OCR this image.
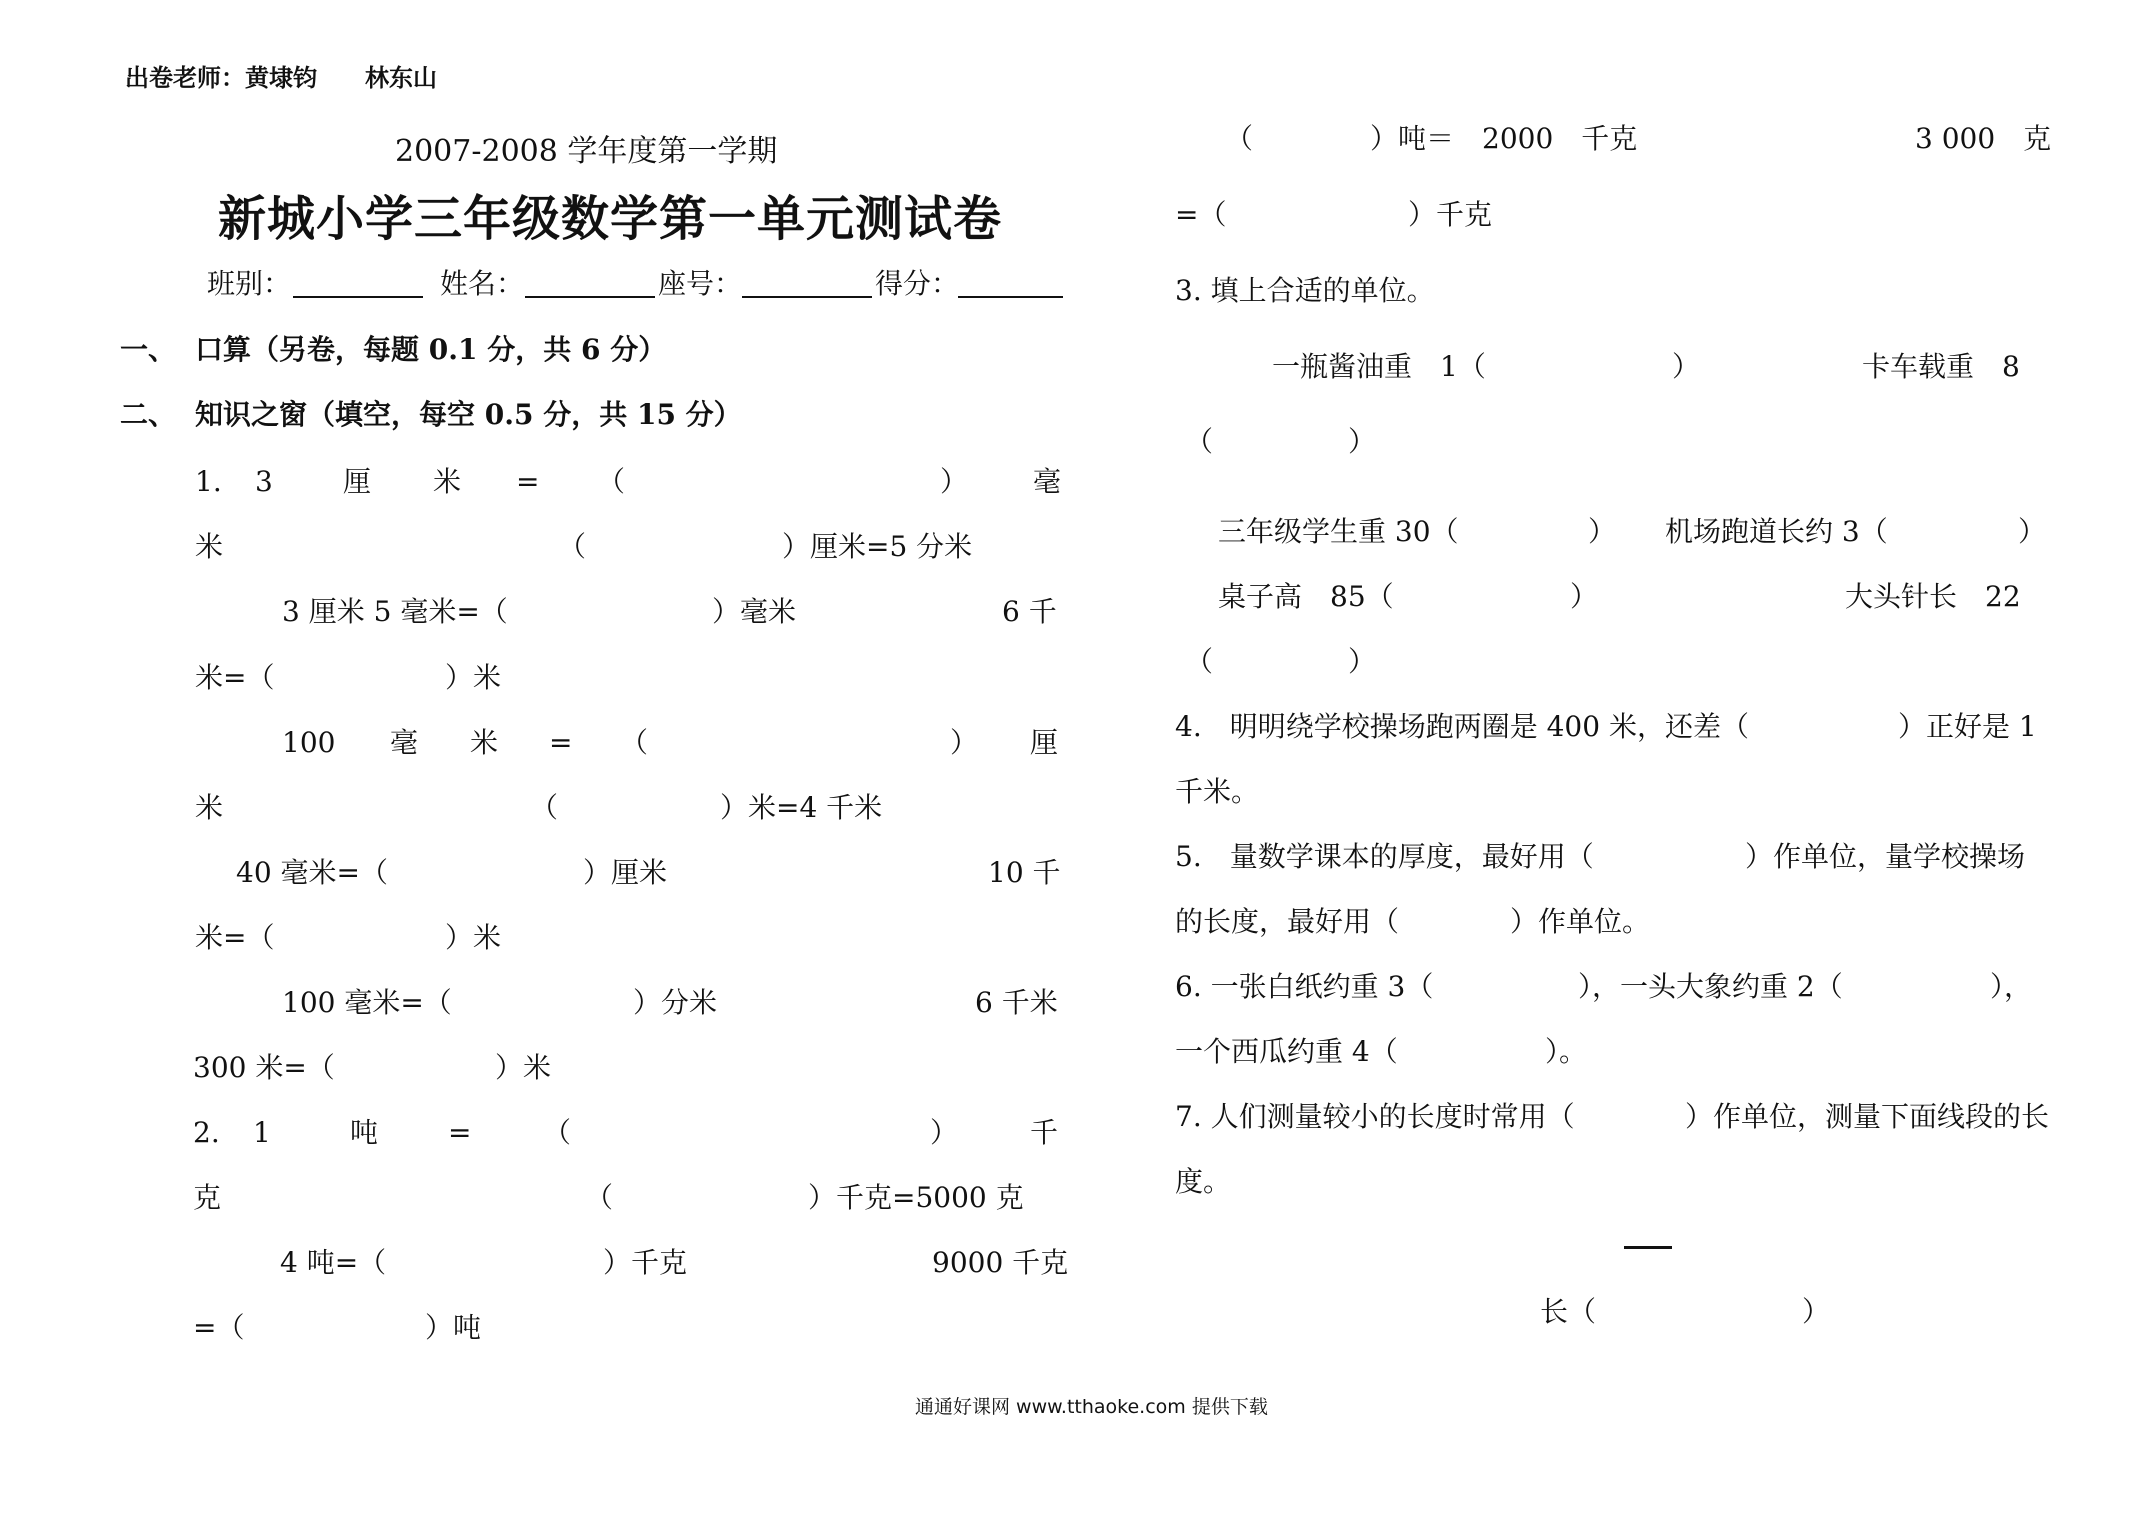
出卷老师：黄埭钧　　林东山
2007-2008 学年度第一学期
新城小学三年级数学第一单元测试卷
班别：	姓名：	座号：	得分：
一、 口算（另卷，每题 0.1 分，共 6 分）
二、 知识之窗（填空，每空 0.5 分，共 15 分）
1. 3	厘 米 = （	） 毫
米	（	）厘米=5 分米
3 厘米 5 毫米=（	）毫米	6 千
米=（	）米
100 毫 米 = （	） 厘
米	（	）米=4 千米
40 毫米=（	）厘米	10 千
米=（	）米
100 毫米=（	）分米	6 千米
300 米=（	）米
2. 1	吨 =	（	）	千
克	（	）千克=5000 克
4 吨=（	）千克	9000 千克
=（	）吨
（	）吨＝　2000　千克	3 000　克
=（	）千克
3. 填上合适的单位。
一瓶酱油重　1（	）	卡车载重　8
（	）
三年级学生重 30（	） 机场跑道长约 3（	）
桌子高　85（	）	大头针长　22
（	）
4.　明明绕学校操场跑两圈是 400 米，还差（	）正好是 1
千米。
5.　量数学课本的厚度，最好用（	）作单位，量学校操场
的长度，最好用（	）作单位。
6. 一张白纸约重 3（	），一头大象约重 2（	），
一个西瓜约重 4（	）。
7. 人们测量较小的长度时常用（	）作单位，测量下面线段的长
度。
长（	）
通通好课网 www.tthaoke.com 提供下载
